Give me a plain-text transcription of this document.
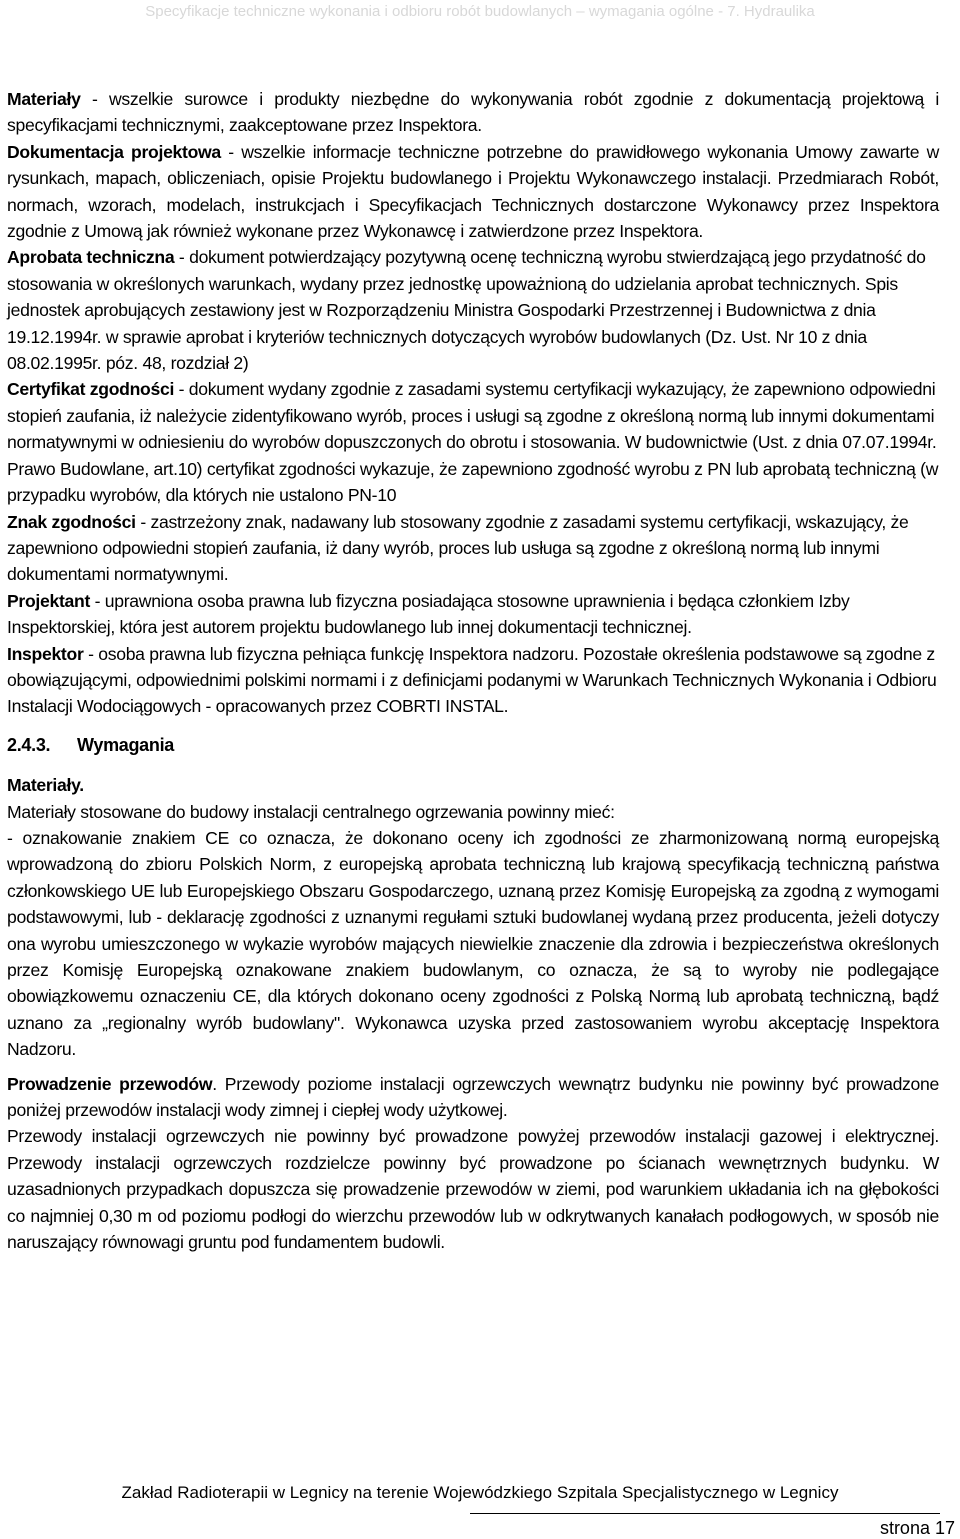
Specyfikacje techniczne wykonania i odbioru robót budowlanych – wymagania ogólne - 7. Hydraulika

Materiały - wszelkie surowce i produkty niezbędne do wykonywania robót zgodnie z dokumentacją projektową i specyfikacjami technicznymi, zaakceptowane przez Inspektora.

Dokumentacja projektowa - wszelkie informacje techniczne potrzebne do prawidłowego wykonania Umowy zawarte w rysunkach, mapach, obliczeniach, opisie Projektu budowlanego i Projektu Wykonawczego instalacji. Przedmiarach Robót, normach, wzorach, modelach, instrukcjach i Specyfikacjach Technicznych dostarczone Wykonawcy przez Inspektora zgodnie z Umową jak również wykonane przez Wykonawcę i zatwierdzone przez Inspektora.

Aprobata techniczna - dokument potwierdzający pozytywną ocenę techniczną wyrobu stwierdzającą jego przydatność do stosowania w określonych warunkach, wydany przez jednostkę upoważnioną do udzielania aprobat technicznych. Spis jednostek aprobujących zestawiony jest w Rozporządzeniu Ministra Gospodarki Przestrzennej i Budownictwa z dnia 19.12.1994r. w sprawie aprobat i kryteriów technicznych dotyczących wyrobów budowlanych (Dz. Ust. Nr 10 z dnia 08.02.1995r. póz. 48, rozdział 2)

Certyfikat zgodności - dokument wydany zgodnie z zasadami systemu certyfikacji wykazujący, że zapewniono odpowiedni stopień zaufania, iż należycie zidentyfikowano wyrób, proces i usługi są zgodne z określoną normą lub innymi dokumentami normatywnymi w odniesieniu do wyrobów dopuszczonych do obrotu i stosowania. W budownictwie (Ust. z dnia 07.07.1994r. Prawo Budowlane, art.10) certyfikat zgodności wykazuje, że zapewniono zgodność wyrobu z PN lub aprobatą techniczną (w przypadku wyrobów, dla których nie ustalono PN-10

Znak zgodności - zastrzeżony znak, nadawany lub stosowany zgodnie z zasadami systemu certyfikacji, wskazujący, że zapewniono odpowiedni stopień zaufania, iż dany wyrób, proces lub usługa są zgodne z określoną normą lub innymi dokumentami normatywnymi.

Projektant - uprawniona osoba prawna lub fizyczna posiadająca stosowne uprawnienia i będąca członkiem Izby Inspektorskiej, która jest autorem projektu budowlanego lub innej dokumentacji technicznej.

Inspektor - osoba prawna lub fizyczna pełniąca funkcję Inspektora nadzoru. Pozostałe określenia podstawowe są zgodne z obowiązującymi, odpowiednimi polskimi normami i z definicjami podanymi w Warunkach Technicznych Wykonania i Odbioru Instalacji Wodociągowych - opracowanych przez COBRTI INSTAL.

2.4.3. Wymagania

Materiały.

Materiały stosowane do budowy instalacji centralnego ogrzewania powinny mieć:

- oznakowanie znakiem CE co oznacza, że dokonano oceny ich zgodności ze zharmonizowaną normą europejską wprowadzoną do zbioru Polskich Norm, z europejską aprobata techniczną lub krajową specyfikacją techniczną państwa członkowskiego UE lub Europejskiego Obszaru Gospodarczego, uznaną przez Komisję Europejską za zgodną z wymogami podstawowymi, lub - deklarację zgodności z uznanymi regułami sztuki budowlanej wydaną przez producenta, jeżeli dotyczy ona wyrobu umieszczonego w wykazie wyrobów mających niewielkie znaczenie dla zdrowia i bezpieczeństwa określonych przez Komisję Europejską oznakowane znakiem budowlanym, co oznacza, że są to wyroby nie podlegające obowiązkowemu oznaczeniu CE, dla których dokonano oceny zgodności z Polską Normą lub aprobatą techniczną, bądź uznano za „regionalny wyrób budowlany". Wykonawca uzyska przed zastosowaniem wyrobu akceptację Inspektora Nadzoru.

Prowadzenie przewodów. Przewody poziome instalacji ogrzewczych wewnątrz budynku nie powinny być prowadzone poniżej przewodów instalacji wody zimnej i ciepłej wody użytkowej.

Przewody instalacji ogrzewczych nie powinny być prowadzone powyżej przewodów instalacji gazowej i elektrycznej. Przewody instalacji ogrzewczych rozdzielcze powinny być prowadzone po ścianach wewnętrznych budynku. W uzasadnionych przypadkach dopuszcza się prowadzenie przewodów w ziemi, pod warunkiem układania ich na głębokości co najmniej 0,30 m od poziomu podłogi do wierzchu przewodów lub w odkrytwanych kanałach podłogowych, w sposób nie naruszający równowagi gruntu pod fundamentem budowli.

Zakład Radioterapii w Legnicy na terenie Wojewódzkiego Szpitala Specjalistycznego w Legnicy
strona 17
